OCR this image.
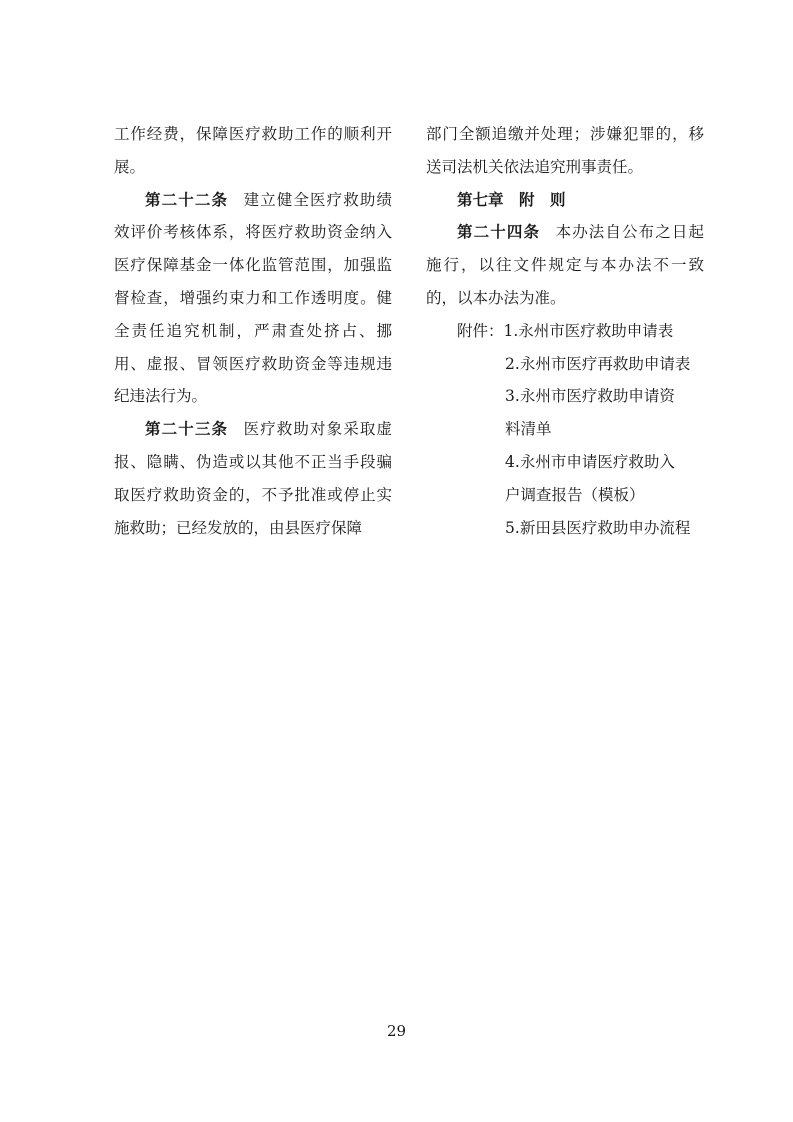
工作经费，保障医疗救助工作的顺利开展。

第二十二条 建立健全医疗救助绩效评价考核体系，将医疗救助资金纳入医疗保障基金一体化监管范围，加强监督检查，增强约束力和工作透明度。健全责任追究机制，严肃查处挤占、挪用、虚报、冒领医疗救助资金等违规违纪违法行为。

第二十三条 医疗救助对象采取虚报、隐瞒、伪造或以其他不正当手段骗取医疗救助资金的，不予批准或停止实施救助；已经发放的，由县医疗保障

部门全额追缴并处理；涉嫌犯罪的，移送司法机关依法追究刑事责任。

第七章 附　则

第二十四条 本办法自公布之日起施行，以往文件规定与本办法不一致的，以本办法为准。

附件：1.永州市医疗救助申请表

2.永州市医疗再救助申请表

3.永州市医疗救助申请资
料清单

4.永州市申请医疗救助入
户调查报告（模板）

5.新田县医疗救助申办流程

29
